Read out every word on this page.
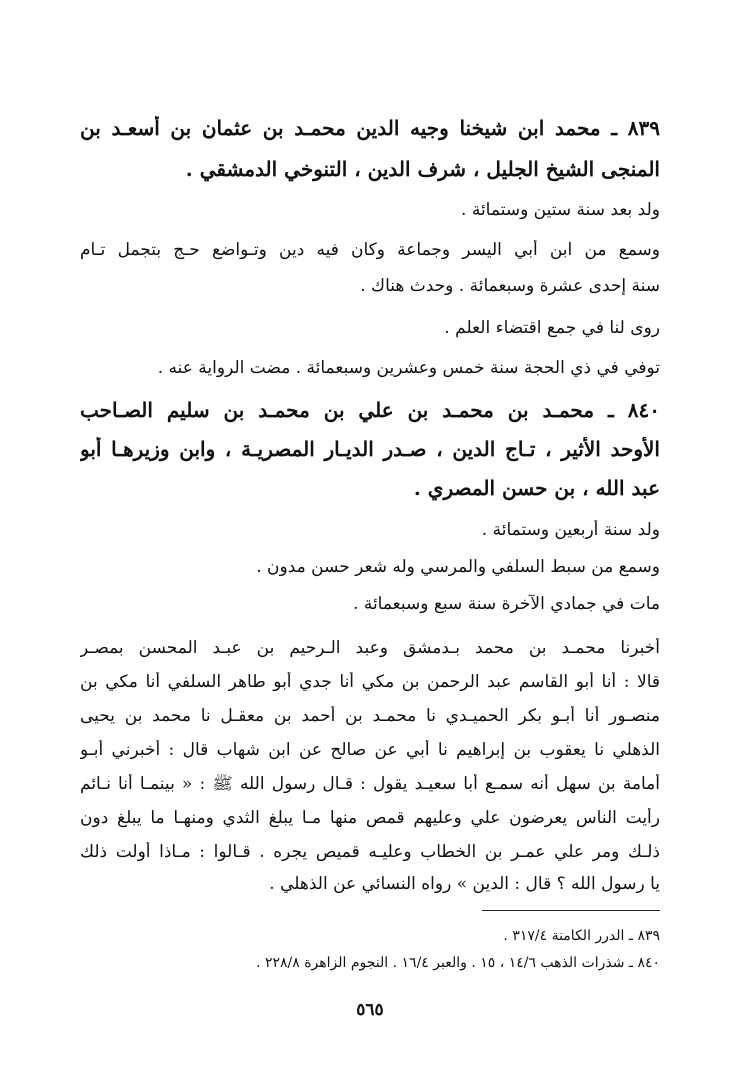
٨٣٩ ـ محمد ابن شيخنا وجيه الدين محمـد بن عثمان بن أسعـد بن
المنجى الشيخ الجليل ، شرف الدين ، التنوخي الدمشقي .
ولد بعد سنة ستين وستمائة .
وسمع من ابن أبي اليسر وجماعة وكان فيه دين وتـواضع حـج بتجمل تـام
سنة إحدى عشرة وسبعمائة . وحدث هناك .
روى لنا في جمع اقتضاء العلم .
توفي في ذي الحجة سنة خمس وعشرين وسبعمائة . مضت الرواية عنه .
٨٤٠ ـ محمـد بن محمـد بن علي بن محمـد بن سليم الصـاحب
الأوحد الأثير ، تـاج الدين ، صـدر الديـار المصريـة ، وابن وزيرهـا أبو
عبد الله ، بن حسن المصري .
ولد سنة أربعين وستمائة .
وسمع من سبط السلفي والمرسي وله شعر حسن مدون .
مات في جمادي الآخرة سنة سبع وسبعمائة .
أخبرنا محمـد بن محمد بـدمشق وعبد الـرحيم بن عبـد المحسن بمصـر
قالا : أنا أبو القاسم عبد الرحمن بن مكي أنا جدي أبو طاهر السلفي أنا مكي بن
منصـور أنا أبـو بكر الحميـدي نا محمـد بن أحمد بن معقـل نا محمد بن يحيى
الذهلي نا يعقوب بن إبراهيم نا أبي عن صالح عن ابن شهاب قال : أخبرني أبـو
أمامة بن سهل أنه سمـع أبا سعيـد يقول : قـال رسول الله ﷺ : « بينمـا أنا نـائم
رأيت الناس يعرضون علي وعليهم قمص منها مـا يبلغ الثدي ومنهـا ما يبلغ دون
ذلـك ومر علي عمـر بن الخطاب وعليـه قميص يجره . قـالوا : مـاذا أولت ذلك
يا رسول الله ؟ قال : الدين » رواه النسائي عن الذهلي .
٨٣٩ ـ الدرر الكامنة ٣١٧/٤ .
٨٤٠ ـ شذرات الذهب ١٤/٦ ، ١٥ . والعبر ١٦/٤ . النجوم الزاهرة ٢٢٨/٨ .
٥٦٥
